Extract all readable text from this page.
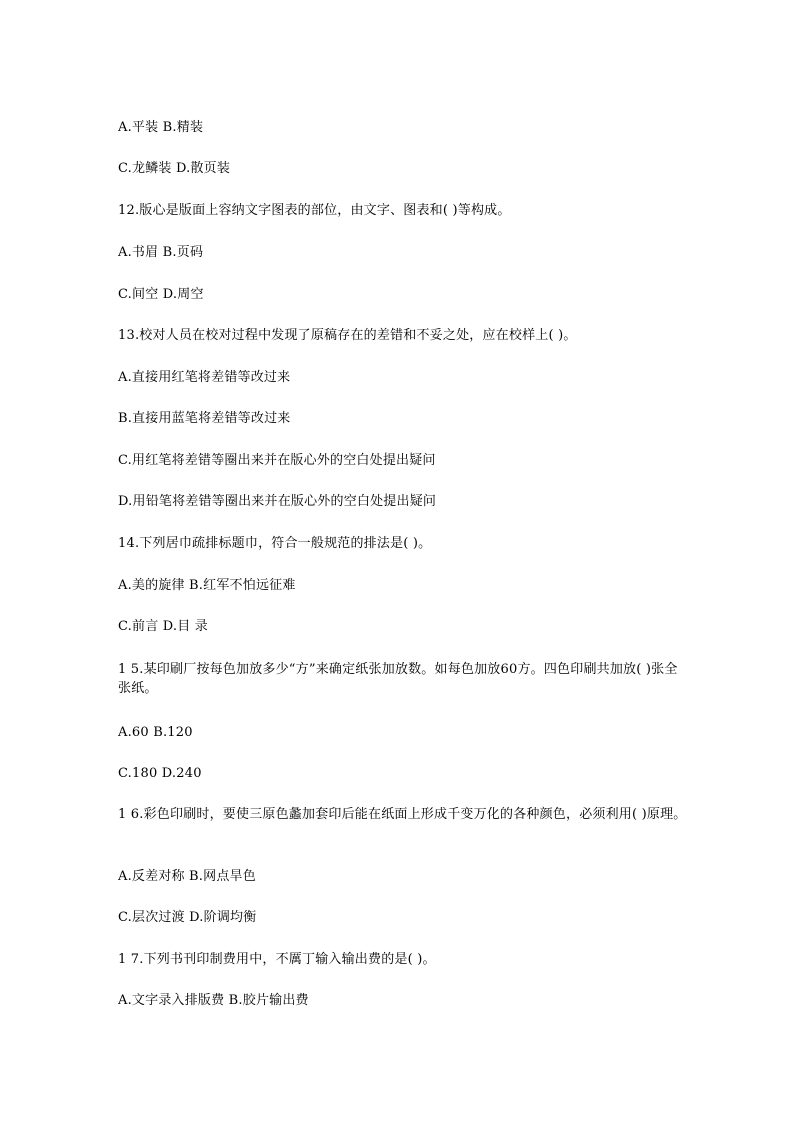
A.平装 B.精装
C.龙鳞装 D.散页装
12.版心是版面上容纳文字图表的部位，由文字、图表和( )等构成。
A.书眉 B.页码
C.间空 D.周空
13.校对人员在校对过程中发现了原稿存在的差错和不妥之处，应在校样上( )。
A.直接用红笔将差错等改过来
B.直接用蓝笔将差错等改过来
C.用红笔将差错等圈出来并在版心外的空白处提出疑问
D.用铅笔将差错等圈出来并在版心外的空白处提出疑问
14.下列居巾疏排标题巾，符合一般规范的排法是( )。
A.美的旋律 B.红军不怕远征难
C.前言 D.目 录
1 5.某印刷厂按每色加放多少“方”来确定纸张加放数。如每色加放60方。四色印刷共加放( )张全张纸。
A.60 B.120
C.180 D.240
1 6.彩色印刷时，要使三原色蠡加套印后能在纸面上形成千变万化的各种颜色，必须利用( )原理。
A.反差对称 B.网点旱色
C.层次过渡 D.阶调均衡
1 7.下列书刊印制费用中，不厲丁输入输出费的是( )。
A.文字录入排版费 B.胶片输出费
